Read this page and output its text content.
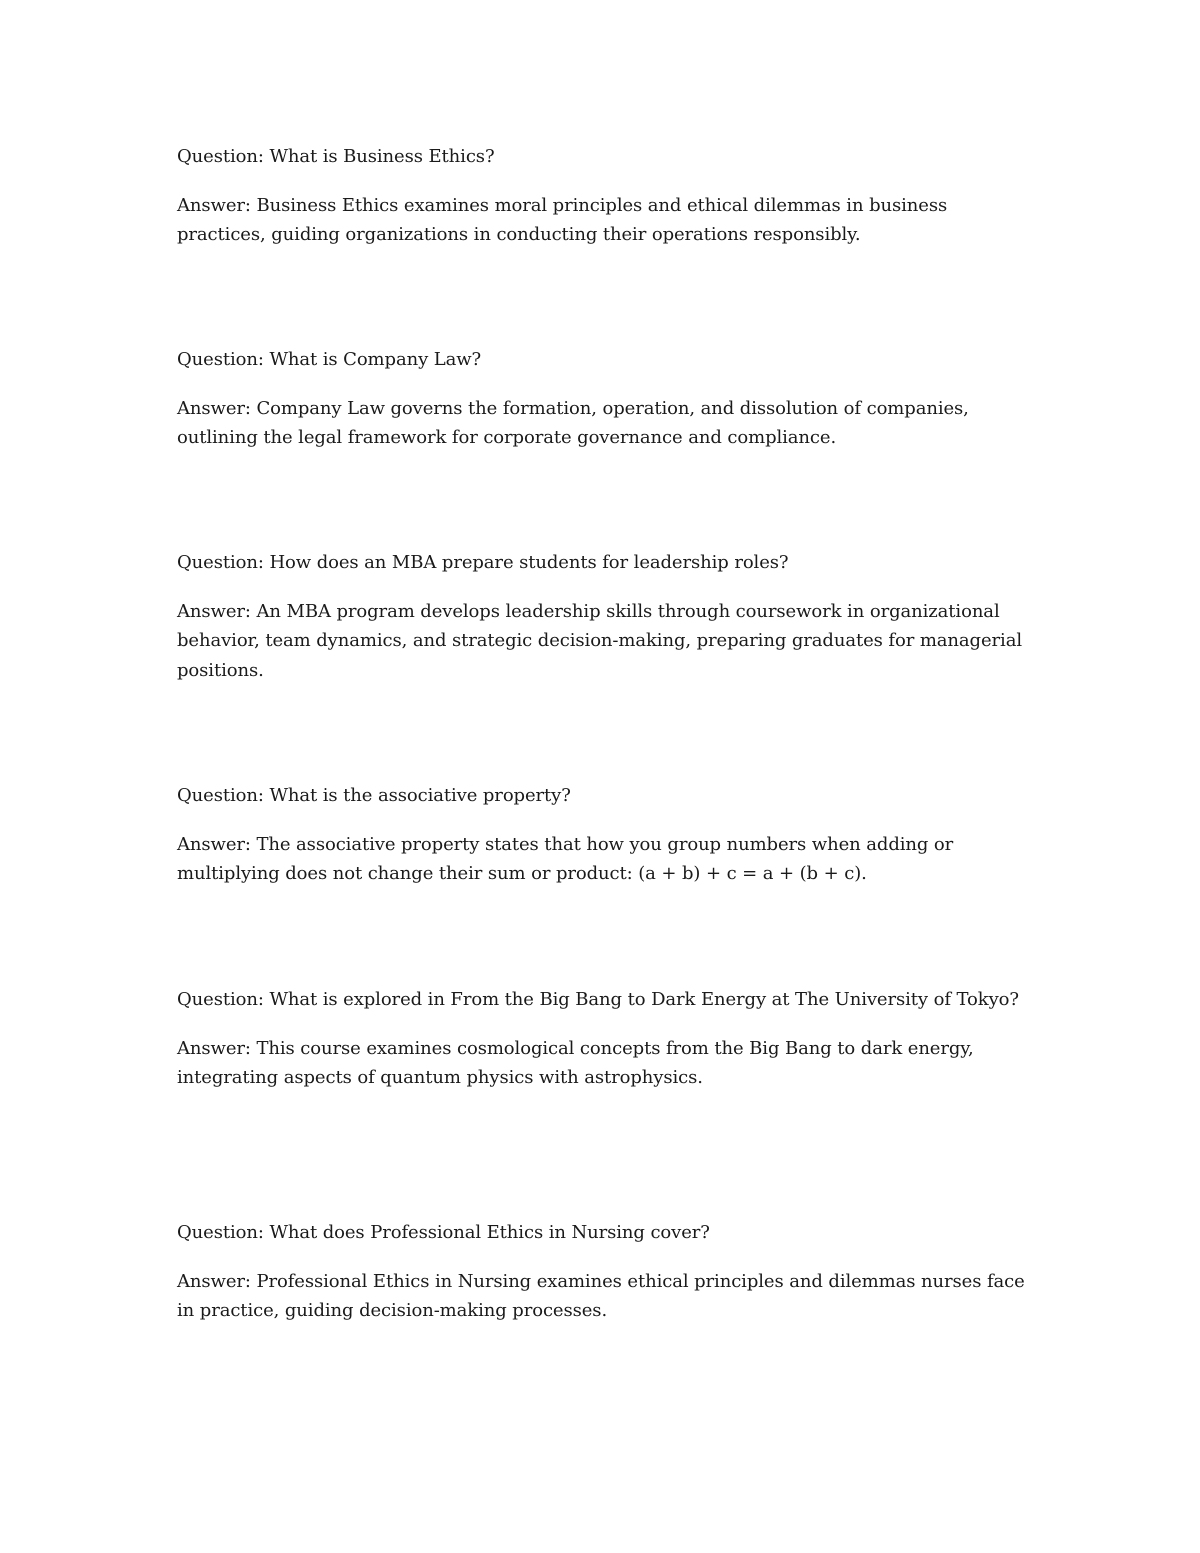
Question: What is Business Ethics?

Answer: Business Ethics examines moral principles and ethical dilemmas in business practices, guiding organizations in conducting their operations responsibly.

Question: What is Company Law?

Answer: Company Law governs the formation, operation, and dissolution of companies, outlining the legal framework for corporate governance and compliance.

Question: How does an MBA prepare students for leadership roles?

Answer: An MBA program develops leadership skills through coursework in organizational behavior, team dynamics, and strategic decision-making, preparing graduates for managerial positions.

Question: What is the associative property?

Answer: The associative property states that how you group numbers when adding or multiplying does not change their sum or product: (a + b) + c = a + (b + c).

Question: What is explored in From the Big Bang to Dark Energy at The University of Tokyo?

Answer: This course examines cosmological concepts from the Big Bang to dark energy, integrating aspects of quantum physics with astrophysics.

Question: What does Professional Ethics in Nursing cover?

Answer: Professional Ethics in Nursing examines ethical principles and dilemmas nurses face in practice, guiding decision-making processes.
